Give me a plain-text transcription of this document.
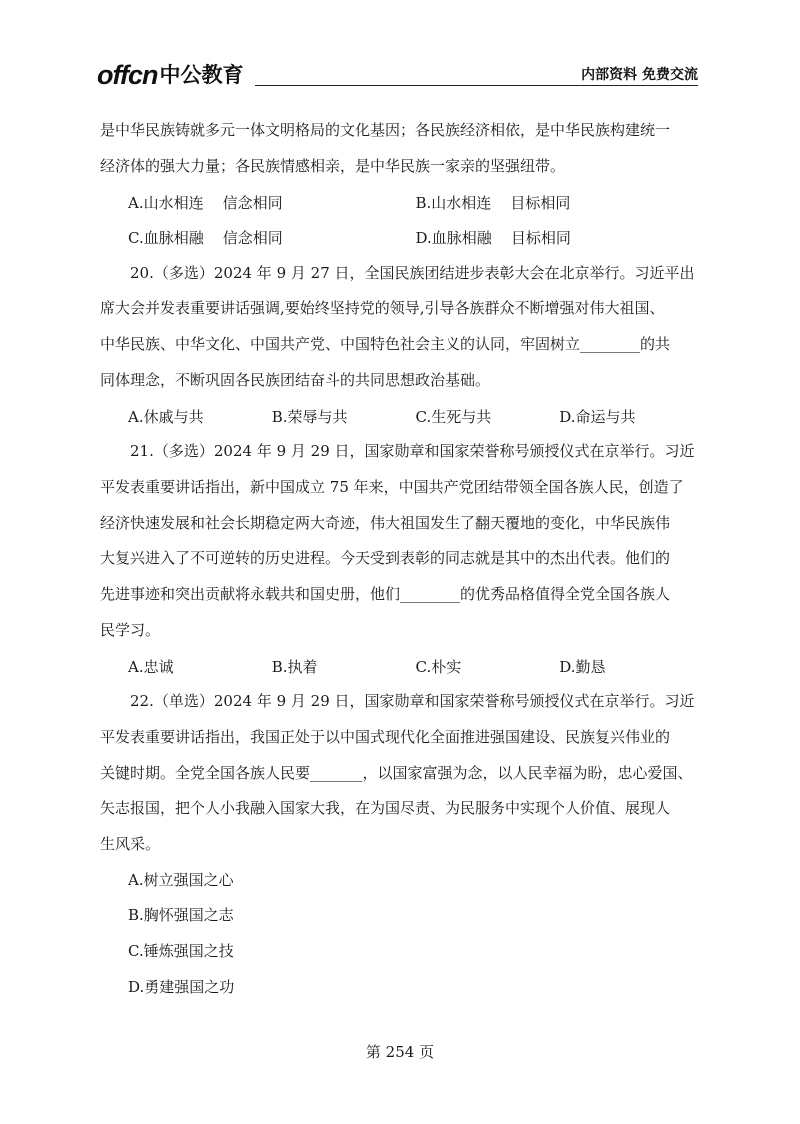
offcn 中公教育	内部资料 免费交流

是中华民族铸就多元一体文明格局的文化基因；各民族经济相依，是中华民族构建统一

经济体的强大力量；各民族情感相亲，是中华民族一家亲的坚强纽带。

A.山水相连    信念相同	B.山水相连    目标相同
C.血脉相融    信念相同	D.血脉相融    目标相同

20.（多选）2024 年 9 月 27 日，全国民族团结进步表彰大会在北京举行。习近平出

席大会并发表重要讲话强调,要始终坚持党的领导,引导各族群众不断增强对伟大祖国、

中华民族、中华文化、中国共产党、中国特色社会主义的认同，牢固树立________的共

同体理念，不断巩固各民族团结奋斗的共同思想政治基础。

A.休戚与共	B.荣辱与共	C.生死与共	D.命运与共

21.（多选）2024 年 9 月 29 日，国家勋章和国家荣誉称号颁授仪式在京举行。习近

平发表重要讲话指出，新中国成立 75 年来，中国共产党团结带领全国各族人民，创造了

经济快速发展和社会长期稳定两大奇迹，伟大祖国发生了翻天覆地的变化，中华民族伟

大复兴进入了不可逆转的历史进程。今天受到表彰的同志就是其中的杰出代表。他们的

先进事迹和突出贡献将永载共和国史册，他们________的优秀品格值得全党全国各族人

民学习。

A.忠诚	B.执着	C.朴实	D.勤恳

22.（单选）2024 年 9 月 29 日，国家勋章和国家荣誉称号颁授仪式在京举行。习近

平发表重要讲话指出，我国正处于以中国式现代化全面推进强国建设、民族复兴伟业的

关键时期。全党全国各族人民要_______，以国家富强为念，以人民幸福为盼，忠心爱国、

矢志报国，把个人小我融入国家大我，在为国尽责、为民服务中实现个人价值、展现人

生风采。

A.树立强国之心
B.胸怀强国之志
C.锤炼强国之技
D.勇建强国之功
第 254 页
